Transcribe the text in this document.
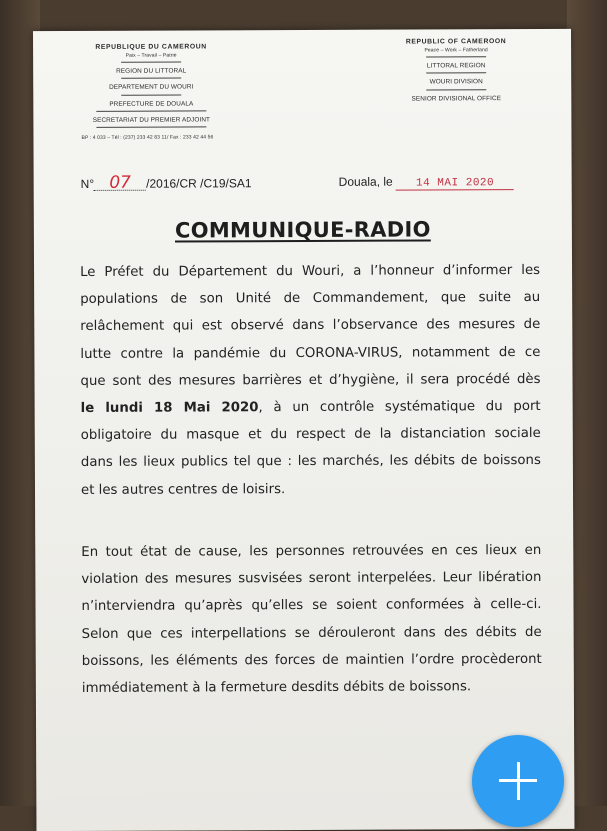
REPUBLIQUE DU CAMEROUN

Paix – Travail – Patrie

REGION DU LITTORAL

DEPARTEMENT DU WOURI

PREFECTURE DE DOUALA

SECRETARIAT DU PREMIER ADJOINT

BP : 4 033 – Tél : (237) 233 42 83 11/ Fax : 233 42 44 56

REPUBLIC OF CAMEROON

Peace – Work – Fatherland

LITTORAL REGION

WOURI DIVISION

SENIOR DIVISIONAL OFFICE

N° 07 /2016/CR /C19/SA1	Douala, le 14 MAI 2020
COMMUNIQUE-RADIO

Le Préfet du Département du Wouri, a l’honneur d’informer les
populations de son Unité de Commandement, que suite au
relâchement qui est observé dans l’observance des mesures de
lutte contre la pandémie du CORONA-VIRUS, notamment de ce
que sont des mesures barrières et d’hygiène, il sera procédé dès
le lundi 18 Mai 2020, à un contrôle systématique du port
obligatoire du masque et du respect de la distanciation sociale
dans les lieux publics tel que : les marchés, les débits de boissons
et les autres centres de loisirs.

En tout état de cause, les personnes retrouvées en ces lieux en
violation des mesures susvisées seront interpelées. Leur libération
n’interviendra qu’après qu’elles se soient conformées à celle-ci.
Selon que ces interpellations se dérouleront dans des débits de
boissons, les éléments des forces de maintien l’ordre procèderont
immédiatement à la fermeture desdits débits de boissons.
